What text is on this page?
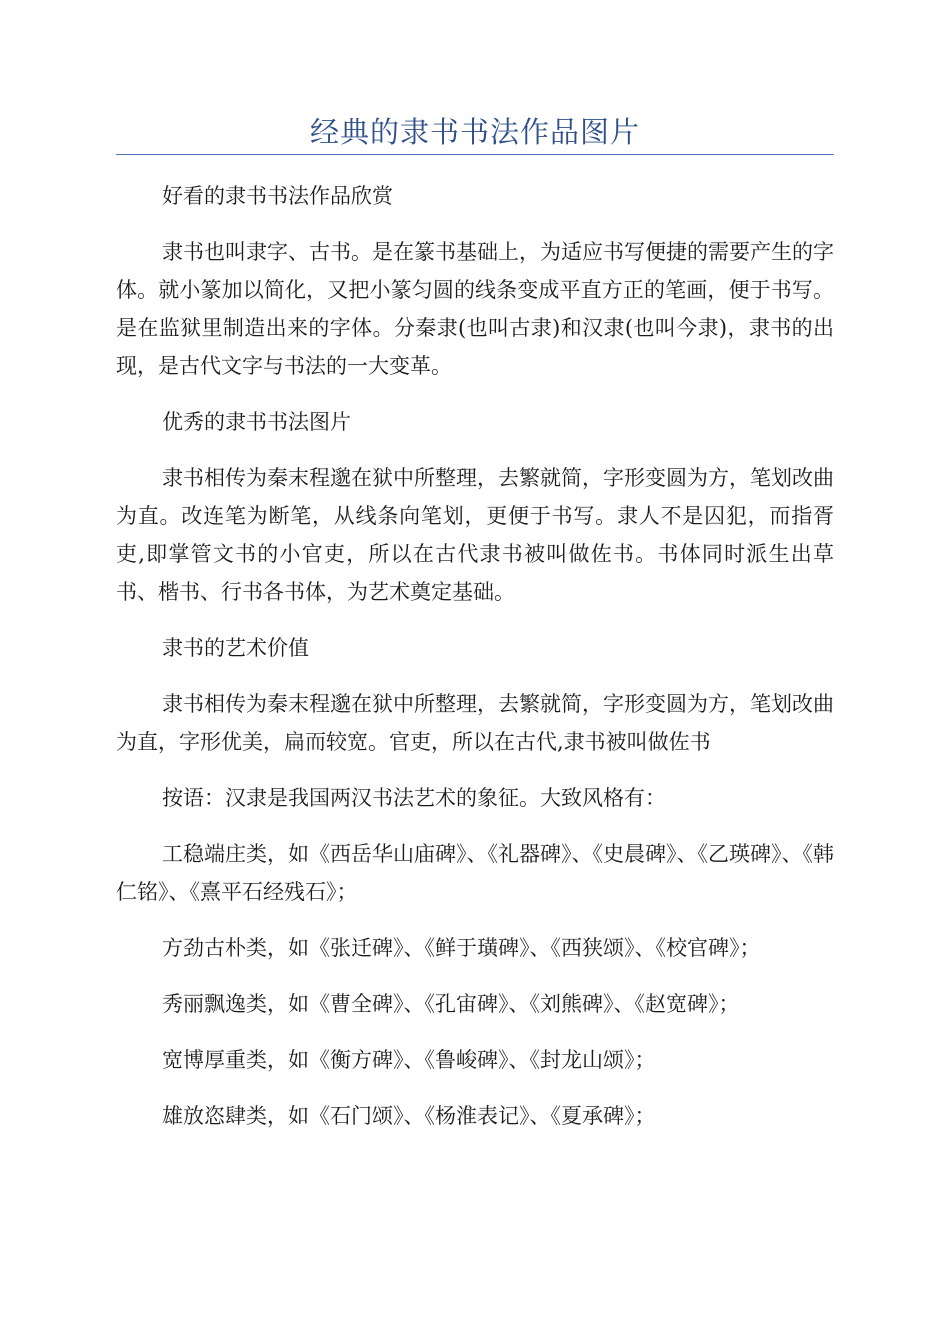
经典的隶书书法作品图片

好看的隶书书法作品欣赏

隶书也叫隶字、古书。是在篆书基础上，为适应书写便捷的需要产生的字体。就小篆加以简化，又把小篆匀圆的线条变成平直方正的笔画，便于书写。是在监狱里制造出来的字体。分秦隶(也叫古隶)和汉隶(也叫今隶)，隶书的出现，是古代文字与书法的一大变革。

优秀的隶书书法图片

隶书相传为秦末程邈在狱中所整理，去繁就简，字形变圆为方，笔划改曲为直。改连笔为断笔，从线条向笔划，更便于书写。隶人不是囚犯，而指胥吏,即掌管文书的小官吏，所以在古代隶书被叫做佐书。书体同时派生出草书、楷书、行书各书体，为艺术奠定基础。

隶书的艺术价值

隶书相传为秦末程邈在狱中所整理，去繁就简，字形变圆为方，笔划改曲为直，字形优美，扁而较宽。官吏，所以在古代,隶书被叫做佐书

按语：汉隶是我国两汉书法艺术的象征。大致风格有：

工稳端庄类，如《西岳华山庙碑》、《礼器碑》、《史晨碑》、《乙瑛碑》、《韩仁铭》、《熹平石经残石》；

方劲古朴类，如《张迁碑》、《鲜于璜碑》、《西狭颂》、《校官碑》；

秀丽飘逸类，如《曹全碑》、《孔宙碑》、《刘熊碑》、《赵宽碑》；

宽博厚重类，如《衡方碑》、《鲁峻碑》、《封龙山颂》；

雄放恣肆类，如《石门颂》、《杨淮表记》、《夏承碑》；
